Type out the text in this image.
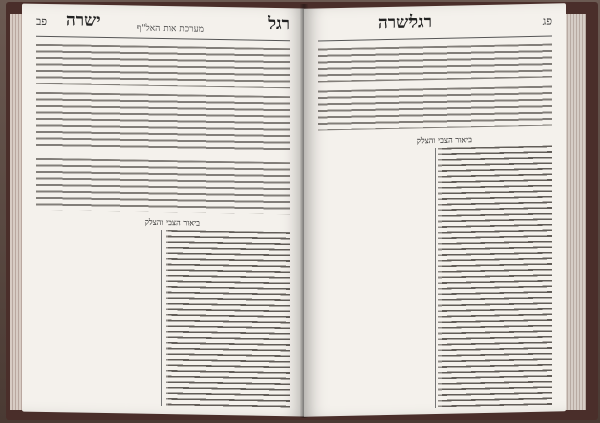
רגל
מערכת אות האל"ף
ישרה
פב
ביאור הצבי והצלק
רגל
ישרה	פג
ביאור הצבי והצלק
